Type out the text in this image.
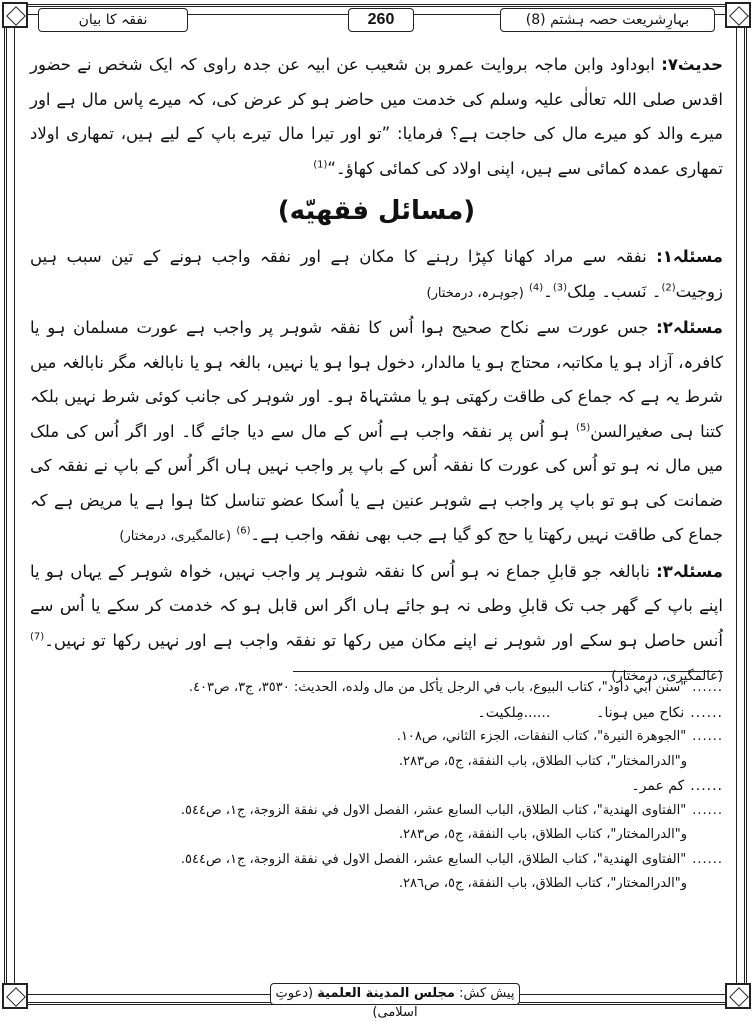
نفقہ کا بیان	260	بہارِشریعت حصہ ہشتم (8)

حدیث۷: ابوداود وابن ماجہ بروایت عمرو بن شعیب عن ابیہ عن جدہ راوی کہ ایک شخص نے حضور اقدس صلی اللہ تعالٰی علیہ وسلم کی خدمت میں حاضر ہو کر عرض کی، کہ میرے پاس مال ہے اور میرے والد کو میرے مال کی حاجت ہے؟ فرمایا: ”تو اور تیرا مال تیرے باپ کے لیے ہیں، تمھاری اولاد تمھاری عمدہ کمائی سے ہیں، اپنی اولاد کی کمائی کھاؤ۔“$^{(1)}$

(مسائل فقهيّه)

مسئلہ۱: نفقہ سے مراد کھانا کپڑا رہنے کا مکان ہے اور نفقہ واجب ہونے کے تین سبب ہیں زوجیت$^{(2)}$۔ نَسب۔ مِلک$^{(3)}$۔$^{(4)}$ (جوہرہ، درمختار)

مسئلہ۲: جس عورت سے نکاح صحیح ہوا اُس کا نفقہ شوہر پر واجب ہے عورت مسلمان ہو یا کافرہ، آزاد ہو یا مکاتبہ، محتاج ہو یا مالدار، دخول ہوا ہو یا نہیں، بالغہ ہو یا نابالغہ مگر نابالغہ میں شرط یہ ہے کہ جماع کی طاقت رکھتی ہو یا مشتہاۃ ہو۔ اور شوہر کی جانب کوئی شرط نہیں بلکہ کتنا ہی صغیرالسن$^{(5)}$ ہو اُس پر نفقہ واجب ہے اُس کے مال سے دیا جائے گا۔ اور اگر اُس کی ملک میں مال نہ ہو تو اُس کی عورت کا نفقہ اُس کے باپ پر واجب نہیں ہاں اگر اُس کے باپ نے نفقہ کی ضمانت کی ہو تو باپ پر واجب ہے شوہر عنین ہے یا اُسکا عضو تناسل کٹا ہوا ہے یا مریض ہے کہ جماع کی طاقت نہیں رکھتا یا حج کو گیا ہے جب بھی نفقہ واجب ہے۔$^{(6)}$ (عالمگیری، درمختار)

مسئلہ۳: نابالغہ جو قابلِ جماع نہ ہو اُس کا نفقہ شوہر پر واجب نہیں، خواہ شوہر کے یہاں ہو یا اپنے باپ کے گھر جب تک قابلِ وطی نہ ہو جائے ہاں اگر اس قابل ہو کہ خدمت کر سکے یا اُس سے اُنس حاصل ہو سکے اور شوہر نے اپنے مکان میں رکھا تو نفقہ واجب ہے اور نہیں رکھا تو نہیں۔$^{(7)}$ (عالمگیری، درمختار)

......
"سنن أبي داود"، كتاب البيوع، باب في الرجل يأكل من مال ولده، الحديث: ٣٥٣٠، ج٣، ص٤٠٣.
......
نکاح میں ہونا۔
......مِلکیت۔
......
"الجوهرة النيرة"، كتاب النفقات، الجزء الثاني، ص١٠٨.
و"الدرالمختار"، كتاب الطلاق، باب النفقة، ج٥، ص٢٨٣.
......
کم عمر۔
......
"الفتاوى الهندية"، كتاب الطلاق، الباب السابع عشر، الفصل الاول في نفقة الزوجة، ج١، ص٥٤٤.
و"الدرالمختار"، كتاب الطلاق، باب النفقة، ج٥، ص٢٨٣.
......
"الفتاوى الهندية"، كتاب الطلاق، الباب السابع عشر، الفصل الاول في نفقة الزوجة، ج١، ص٥٤٤.
و"الدرالمختار"، كتاب الطلاق، باب النفقة، ج٥، ص٢٨٦.
پیش کش: مجلس المدينة العلمية (دعوتِ اسلامی)
